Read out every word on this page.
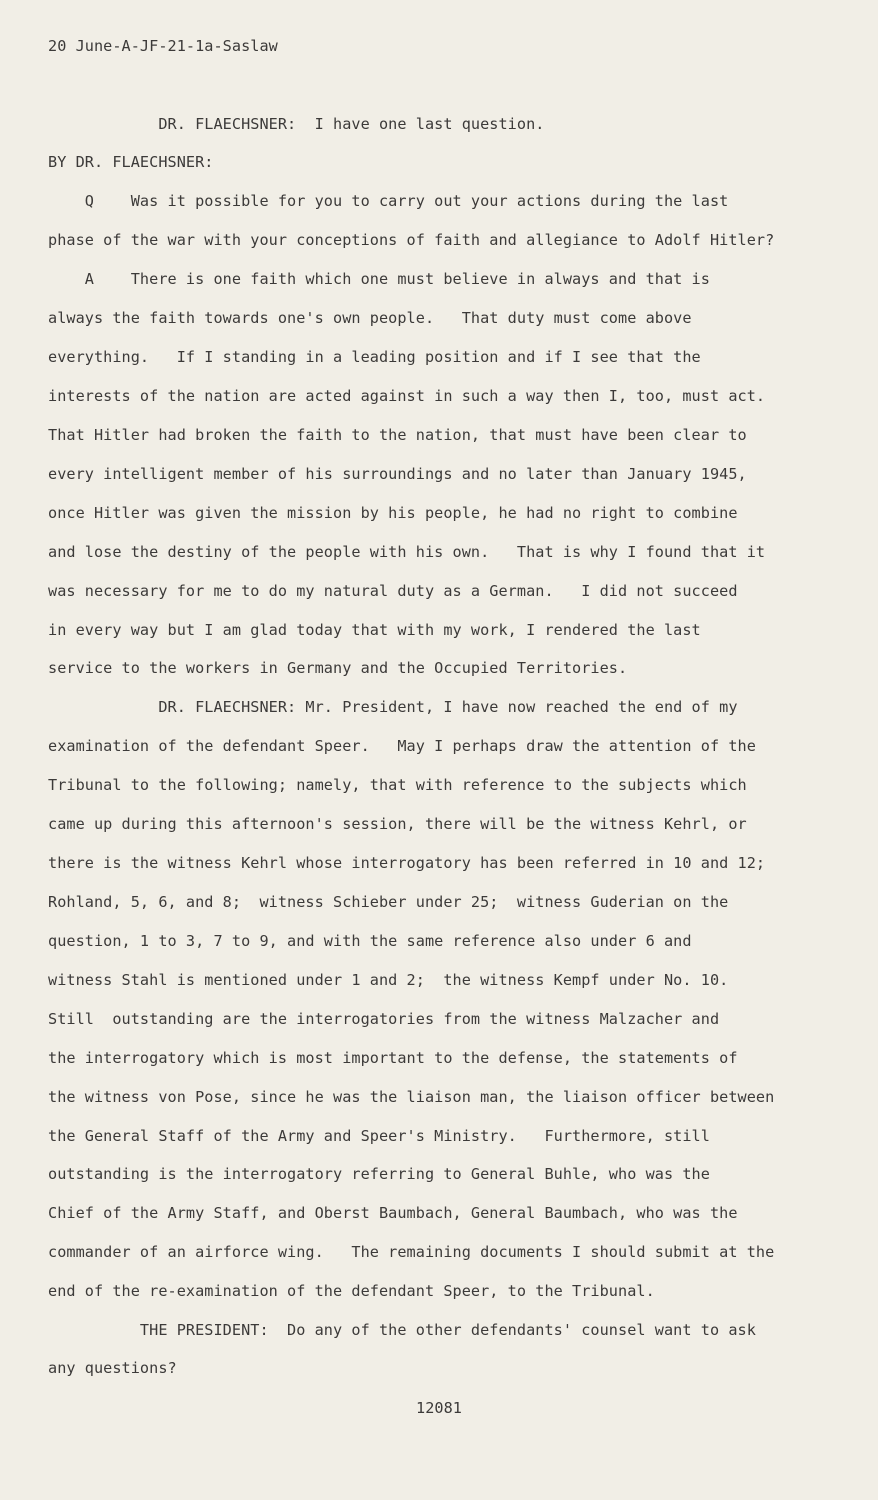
20 June-A-JF-21-1a-Saslaw
DR. FLAECHSNER:  I have one last question.
BY DR. FLAECHSNER:
Q    Was it possible for you to carry out your actions during the last
phase of the war with your conceptions of faith and allegiance to Adolf Hitler?
A    There is one faith which one must believe in always and that is
always the faith towards one's own people.   That duty must come above
everything.   If I standing in a leading position and if I see that the
interests of the nation are acted against in such a way then I, too, must act.
That Hitler had broken the faith to the nation, that must have been clear to
every intelligent member of his surroundings and no later than January 1945,
once Hitler was given the mission by his people, he had no right to combine
and lose the destiny of the people with his own.   That is why I found that it
was necessary for me to do my natural duty as a German.   I did not succeed
in every way but I am glad today that with my work, I rendered the last
service to the workers in Germany and the Occupied Territories.
DR. FLAECHSNER: Mr. President, I have now reached the end of my
examination of the defendant Speer.   May I perhaps draw the attention of the
Tribunal to the following; namely, that with reference to the subjects which
came up during this afternoon's session, there will be the witness Kehrl, or
there is the witness Kehrl whose interrogatory has been referred in 10 and 12;
Rohland, 5, 6, and 8;  witness Schieber under 25;  witness Guderian on the
question, 1 to 3, 7 to 9, and with the same reference also under 6 and
witness Stahl is mentioned under 1 and 2;  the witness Kempf under No. 10.
Still  outstanding are the interrogatories from the witness Malzacher and
the interrogatory which is most important to the defense, the statements of
the witness von Pose, since he was the liaison man, the liaison officer between
the General Staff of the Army and Speer's Ministry.   Furthermore, still
outstanding is the interrogatory referring to General Buhle, who was the
Chief of the Army Staff, and Oberst Baumbach, General Baumbach, who was the
commander of an airforce wing.   The remaining documents I should submit at the
end of the re-examination of the defendant Speer, to the Tribunal.
THE PRESIDENT:  Do any of the other defendants' counsel want to ask
any questions?
12081
